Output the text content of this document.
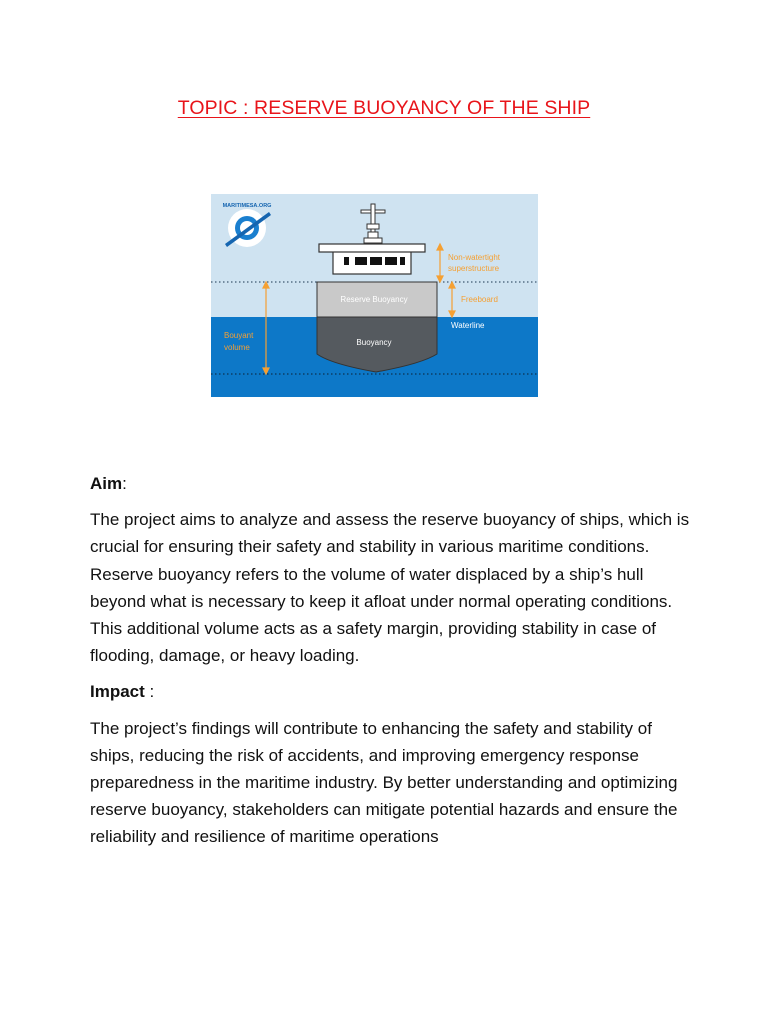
TOPIC : RESERVE BUOYANCY OF THE SHIP
MARITIMESA.ORG
Reserve Buoyancy
Buoyancy
Non-watertight
superstructure
Freeboard
Bouyant
volume
Waterline

Aim:

The project aims to analyze and assess the reserve buoyancy of ships, which is crucial for ensuring their safety and stability in various maritime conditions. Reserve buoyancy refers to the volume of water displaced by a ship’s hull beyond what is necessary to keep it afloat under normal operating conditions. This additional volume acts as a safety margin, providing stability in case of flooding, damage, or heavy loading.

Impact :

The project’s findings will contribute to enhancing the safety and stability of ships, reducing the risk of accidents, and improving emergency response preparedness in the maritime industry. By better understanding and optimizing reserve buoyancy, stakeholders can mitigate potential hazards and ensure the reliability and resilience of maritime operations
